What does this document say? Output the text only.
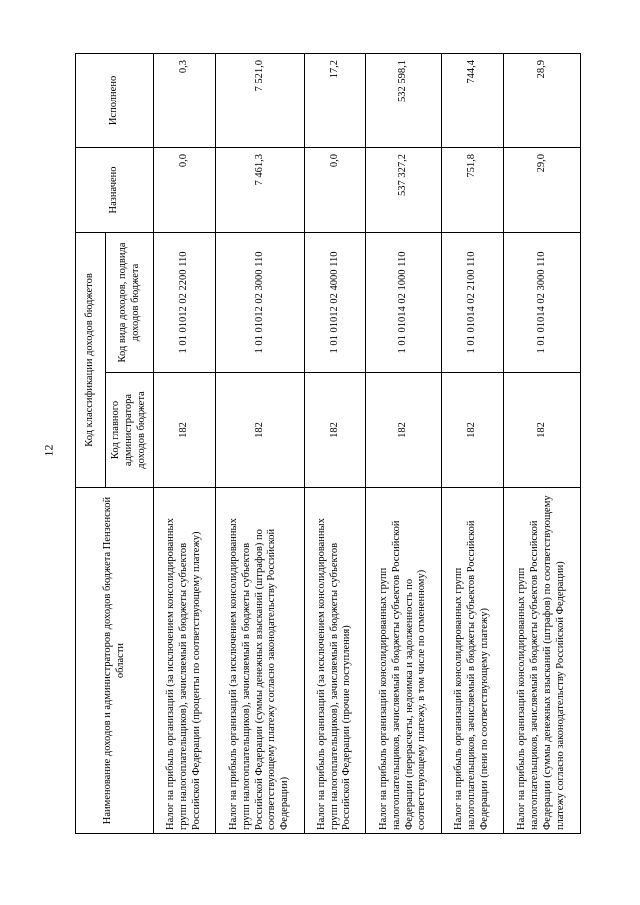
12
Наименование доходов и администраторов доходов бюджета Пензенской области	Код классификации доходов бюджетов		Назначено	Исполнено
	Код главного администратора доходов бюджета	Код вида доходов, подвида доходов бюджета		
Налог на прибыль организаций (за исключением консолидированных групп налогоплательщиков), зачисляемый в бюджеты субъектов Российской Федерации (проценты по соответствующему платежу)	182	1 01 01012 02 2200 110	0,0	0,3
Налог на прибыль организаций (за исключением консолидированных групп налогоплательщиков), зачисляемый в бюджеты субъектов Российской Федерации (суммы денежных взысканий (штрафов) по соответствующему платежу согласно законодательству Российской Федерации)	182	1 01 01012 02 3000 110	7 461,3	7 521,0
Налог на прибыль организаций (за исключением консолидированных групп налогоплательщиков), зачисляемый в бюджеты субъектов Российской Федерации (прочие поступления)	182	1 01 01012 02 4000 110	0,0	17,2
Налог на прибыль организаций консолидированных групп налогоплательщиков, зачисляемый в бюджеты субъектов Российской Федерации (перерасчеты, недоимка и задолженность по соответствующему платежу, в том числе по отмененному)	182	1 01 01014 02 1000 110	537 327,2	532 598,1
Налог на прибыль организаций консолидированных групп налогоплательщиков, зачисляемый в бюджеты субъектов Российской Федерации (пени по соответствующему платежу)	182	1 01 01014 02 2100 110	751,8	744,4
Налог на прибыль организаций консолидированных групп налогоплательщиков, зачисляемый в бюджеты субъектов Российской Федерации (суммы денежных взысканий (штрафов) по соответствующему платежу согласно законодательству Российской Федерации)	182	1 01 01014 02 3000 110	29,0	28,9
